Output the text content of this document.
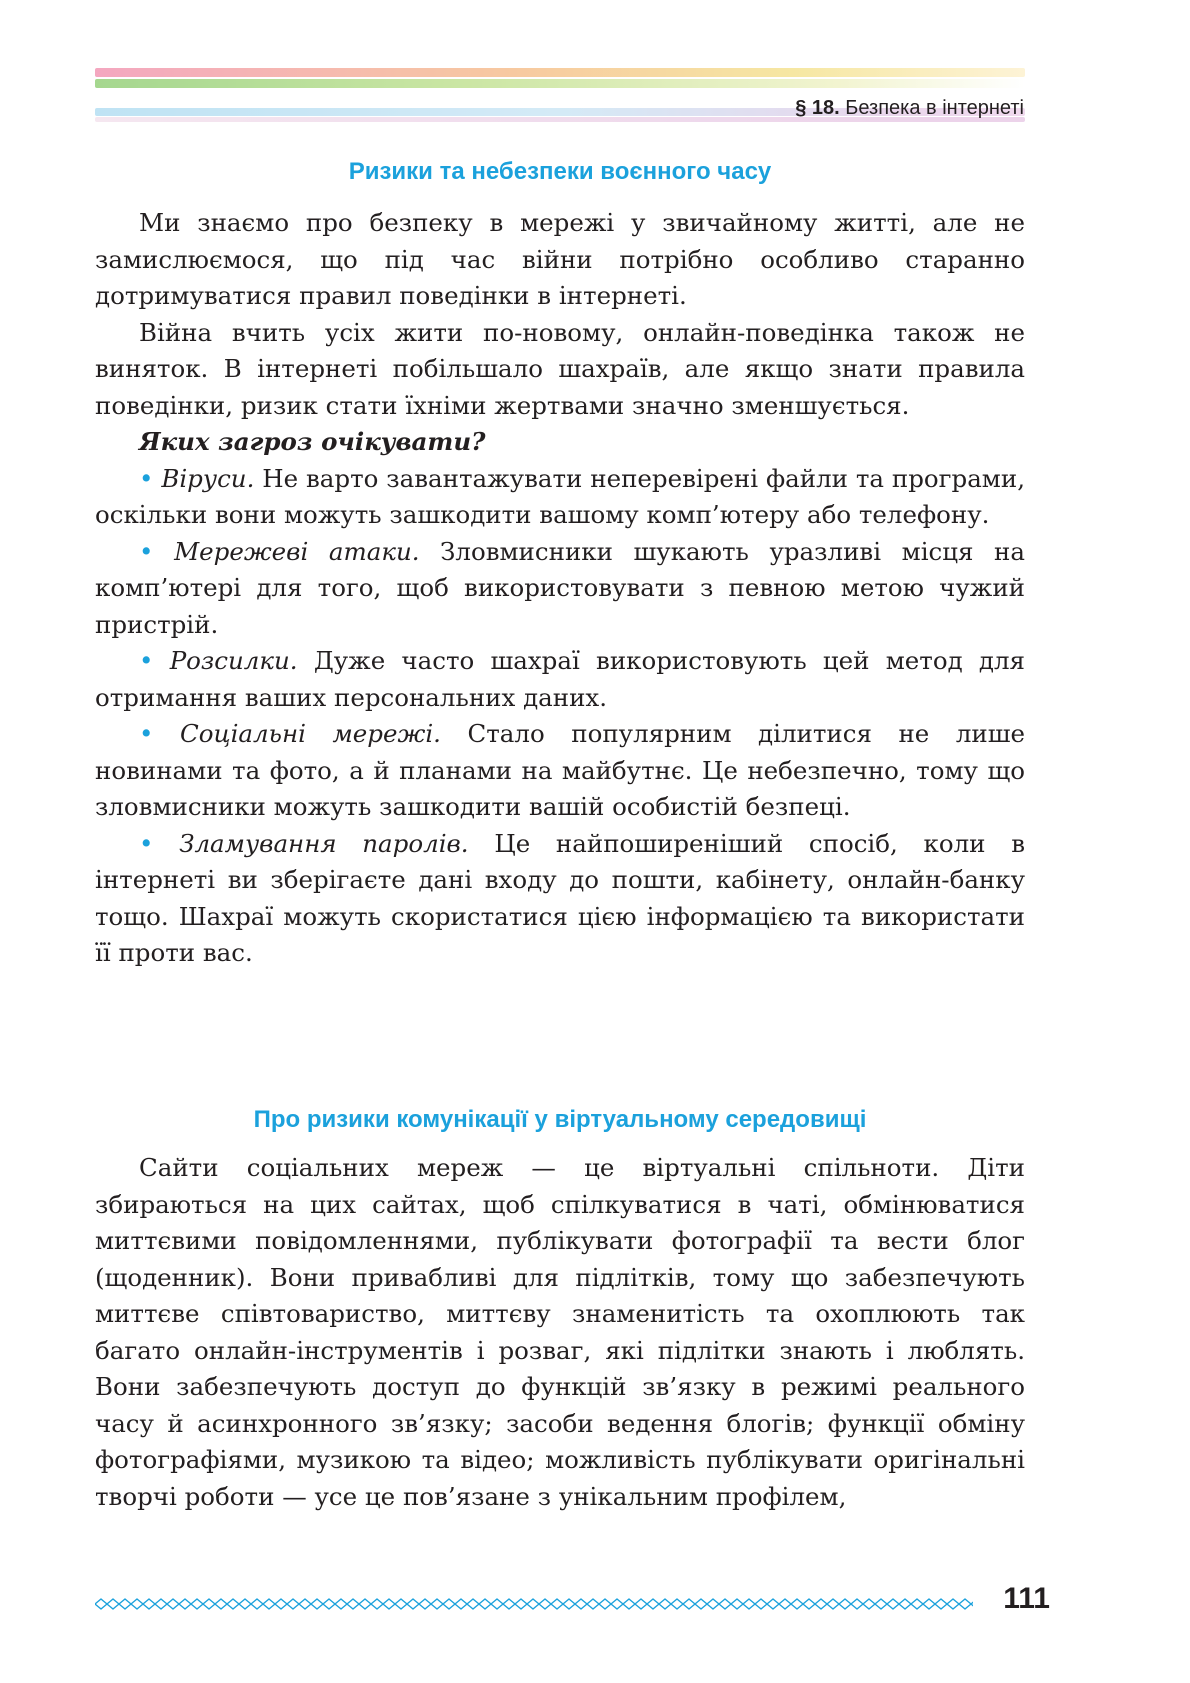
§ 18. Безпека в інтернеті
Ризики та небезпеки воєнного часу

Ми знаємо про безпеку в мережі у звичайному житті, але не замислюємося, що під час війни потрібно особливо старанно дотримуватися правил поведінки в інтернеті.

Війна вчить усіх жити по-новому, онлайн-поведінка також не виняток. В інтернеті побільшало шахраїв, але якщо знати правила поведінки, ризик стати їхніми жертвами значно зменшується.

Яких загроз очікувати?

• Віруси. Не варто завантажувати неперевірені файли та програми, оскільки вони можуть зашкодити вашому комп’ютеру або телефону.

• Мережеві атаки. Зловмисники шукають уразливі місця на комп’ютері для того, щоб використовувати з певною метою чужий пристрій.

• Розсилки. Дуже часто шахраї використовують цей метод для отримання ваших персональних даних.

• Соціальні мережі. Стало популярним ділитися не лише новинами та фото, а й планами на майбутнє. Це небезпечно, тому що зловмисники можуть зашкодити вашій особистій безпеці.

• Зламування паролів. Це найпоширеніший спосіб, коли в інтернеті ви зберігаєте дані входу до пошти, кабінету, онлайн-банку тощо. Шахраї можуть скористатися цією інформацією та використати її проти вас.

Про ризики комунікації у віртуальному середовищі

Сайти соціальних мереж — це віртуальні спільноти. Діти збираються на цих сайтах, щоб спілкуватися в чаті, обмінюватися миттєвими повідомленнями, публікувати фотографії та вести блог (щоденник). Вони привабливі для підлітків, тому що забезпечують миттєве співтовариство, миттєву знаменитість та охоплюють так багато онлайн-інструментів і розваг, які підлітки знають і люблять. Вони забезпечують доступ до функцій зв’язку в режимі реального часу й асинхронного зв’язку; засоби ведення блогів; функції обміну фотографіями, музикою та відео; можливість публікувати оригінальні творчі роботи — усе це пов’язане з унікальним профілем,

111
